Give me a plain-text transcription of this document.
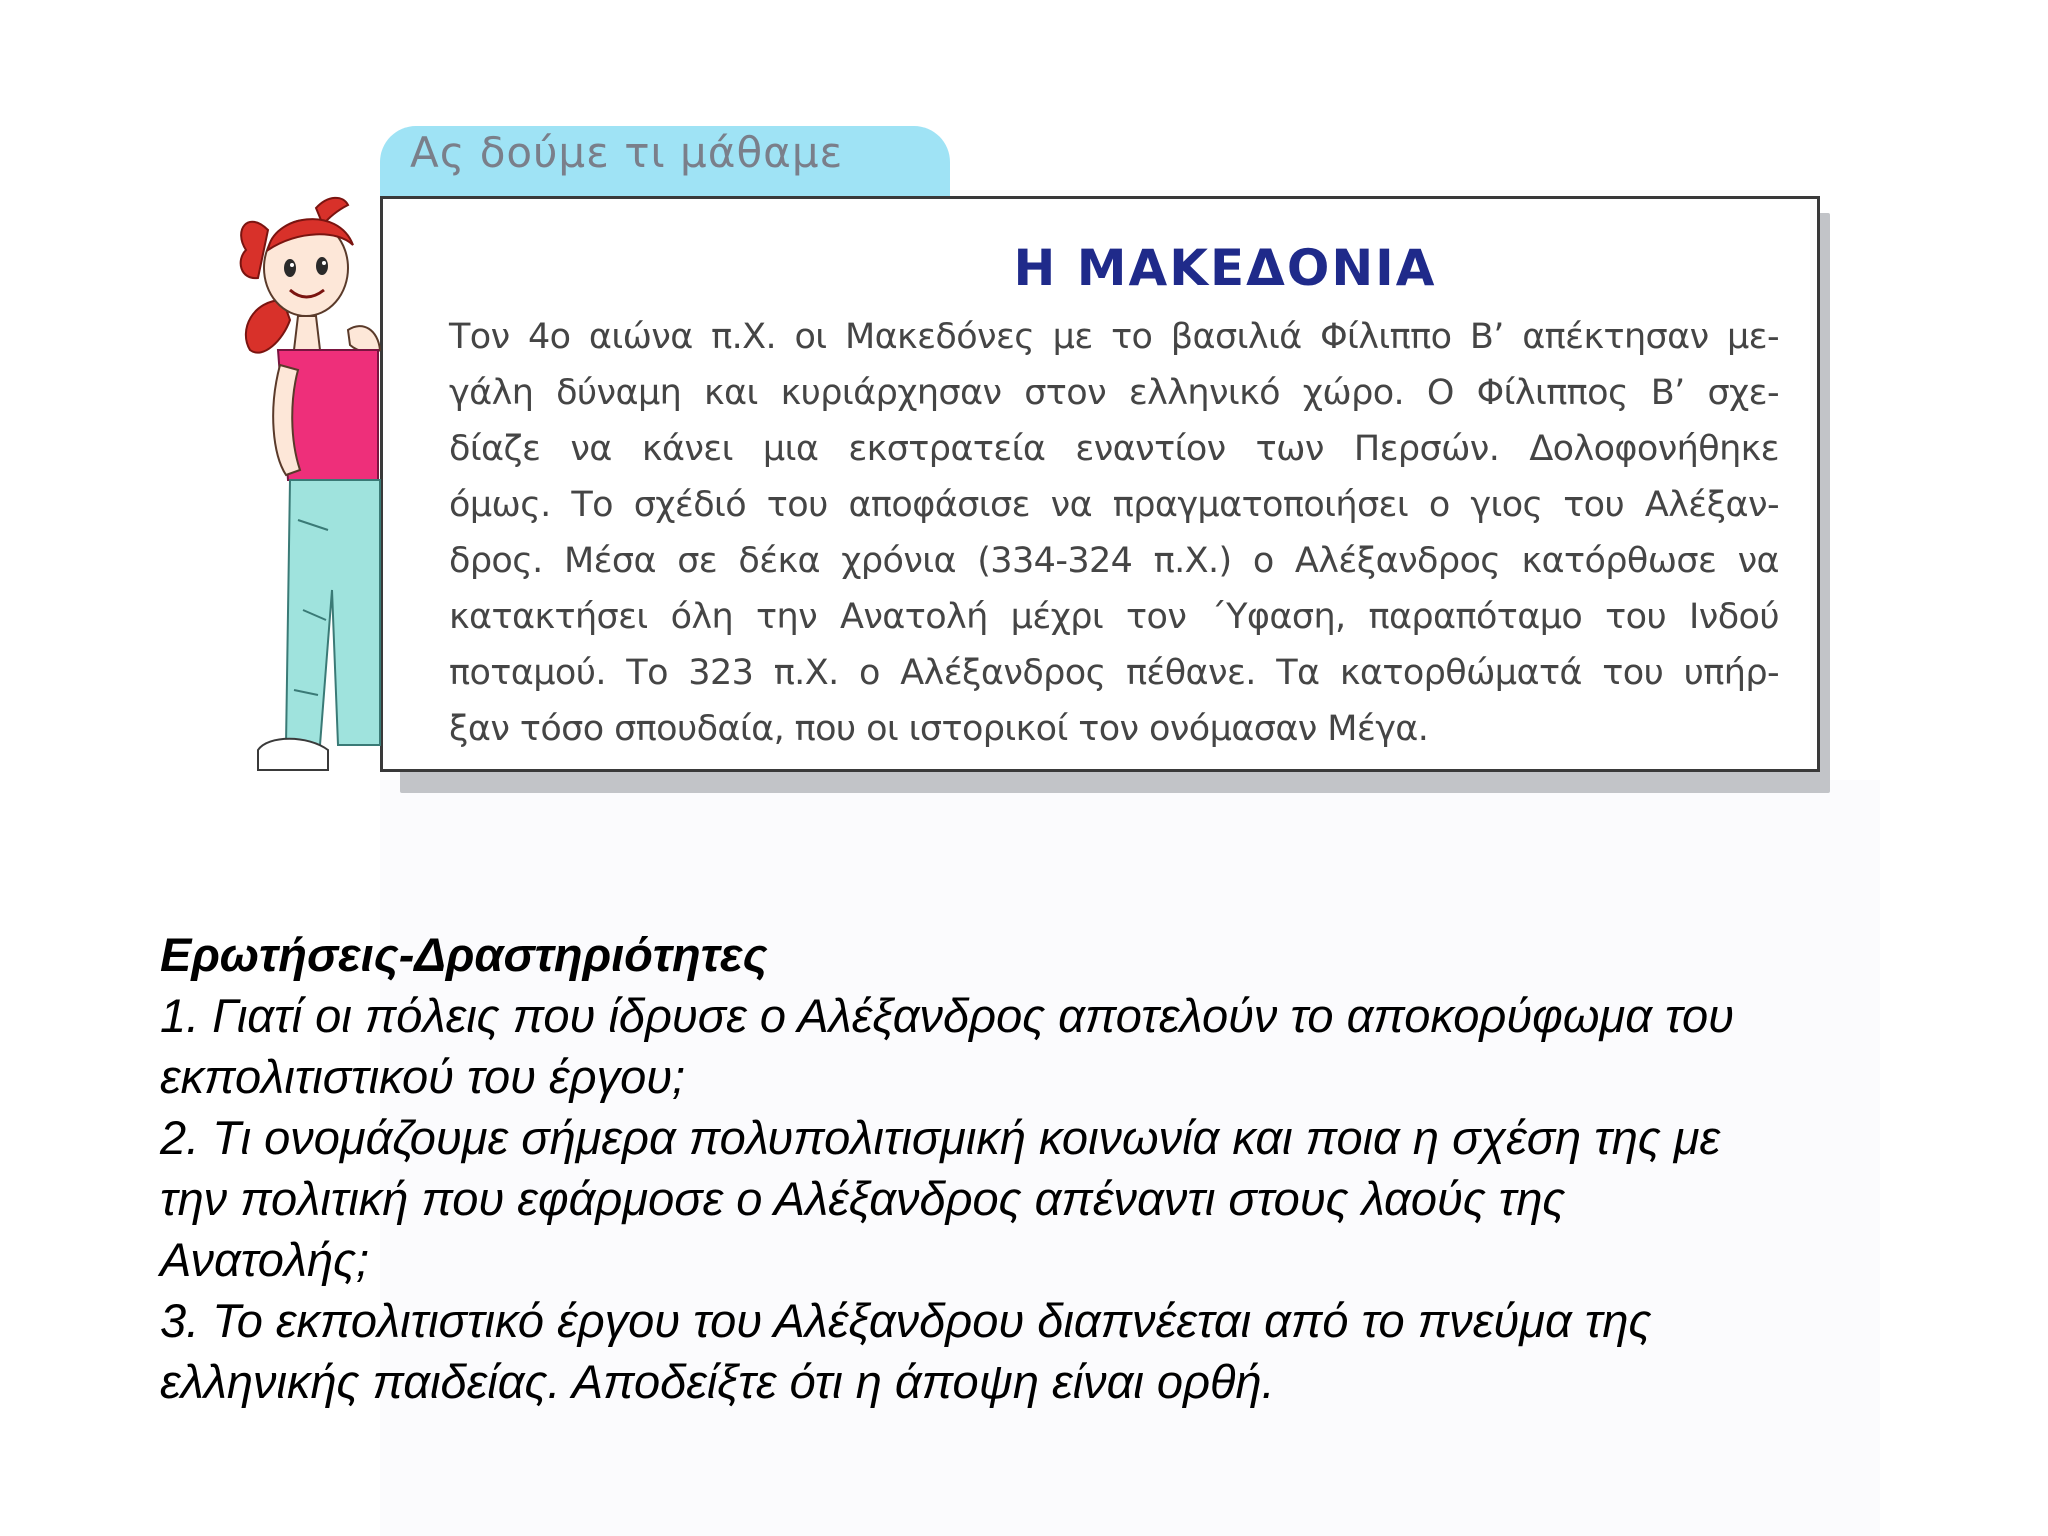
Ας δούμε τι μάθαμε
Η ΜΑΚΕΔΟΝΙΑ
Τον 4ο αιώνα π.Χ. οι Μακεδόνες με το βασιλιά Φίλιππο Β’ απέκτησαν με-
γάλη δύναμη και κυριάρχησαν στον ελληνικό χώρο. Ο Φίλιππος Β’ σχε-
δίαζε να κάνει μια εκστρατεία εναντίον των Περσών. Δολοφονήθηκε
όμως. Το σχέδιό του αποφάσισε να πραγματοποιήσει ο γιος του Αλέξαν-
δρος. Μέσα σε δέκα χρόνια (334-324 π.Χ.) ο Αλέξανδρος κατόρθωσε να
κατακτήσει όλη την Ανατολή μέχρι τον ΄Υφαση, παραπόταμο του Ινδού
ποταμού. Το 323 π.Χ. ο Αλέξανδρος πέθανε. Τα κατορθώματά του υπήρ-
ξαν τόσο σπουδαία, που οι ιστορικοί τον ονόμασαν Μέγα.
Ερωτήσεις-Δραστηριότητες
1. Γιατί οι πόλεις που ίδρυσε ο Αλέξανδρος αποτελούν το αποκορύφωμα του
εκπολιτιστικού του έργου;
2. Τι ονομάζουμε σήμερα πολυπολιτισμική κοινωνία και ποια η σχέση της με
την πολιτική που εφάρμοσε ο Αλέξανδρος απέναντι στους λαούς της
Ανατολής;
3. Το εκπολιτιστικό έργου του Αλέξανδρου διαπνέεται από το πνεύμα της
ελληνικής παιδείας. Αποδείξτε ότι η άποψη είναι ορθή.
